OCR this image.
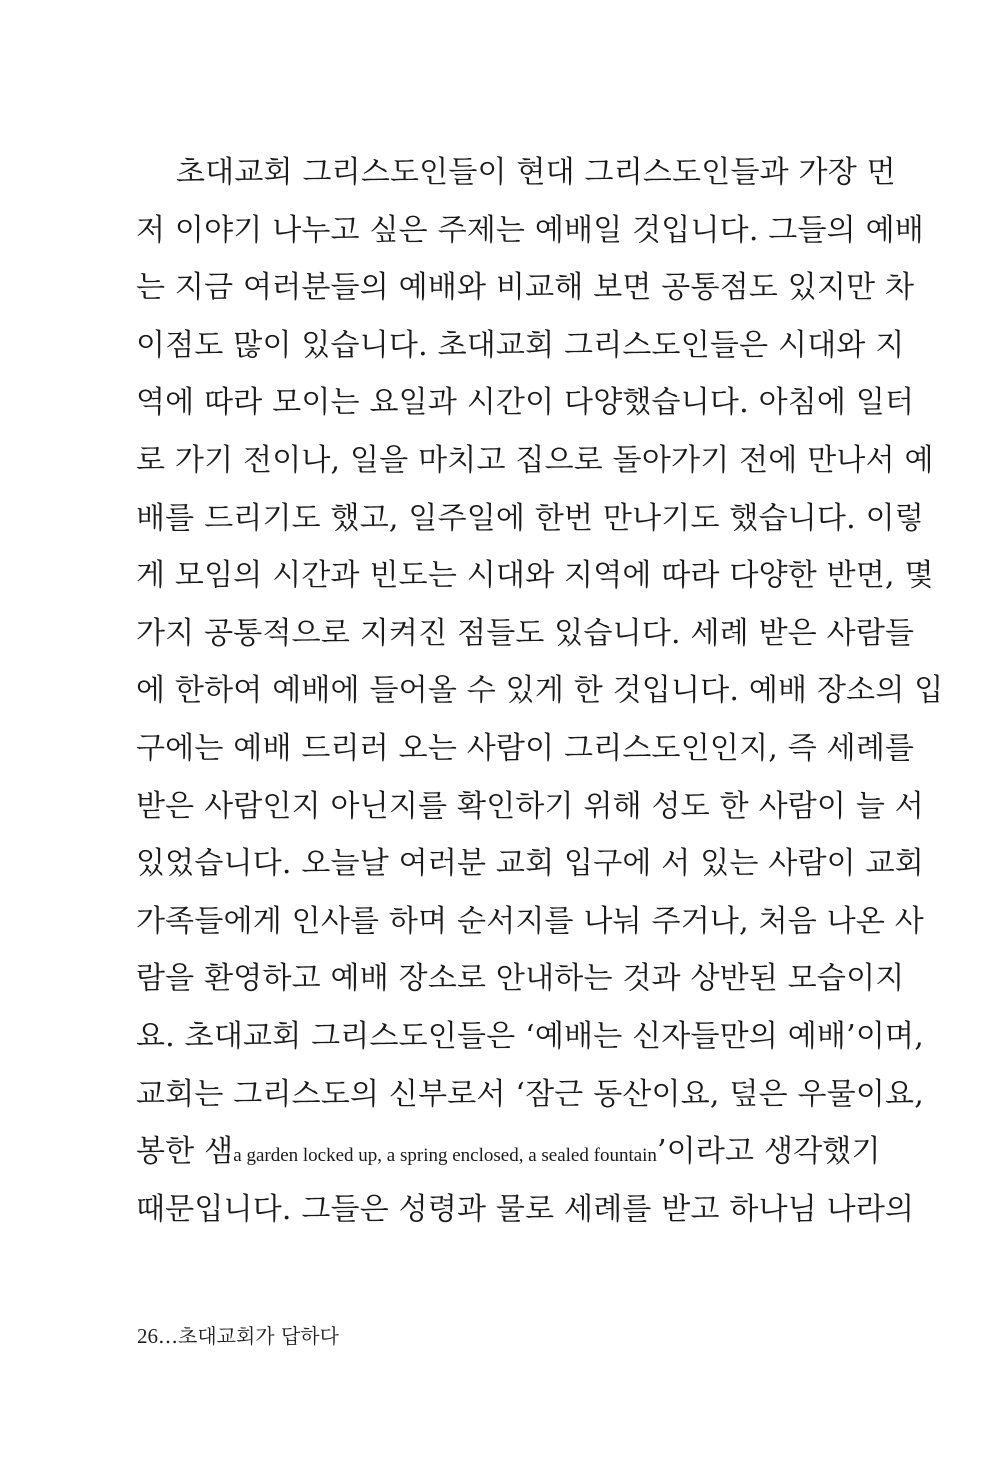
초대교회 그리스도인들이 현대 그리스도인들과 가장 먼
저 이야기 나누고 싶은 주제는 예배일 것입니다. 그들의 예배
는 지금 여러분들의 예배와 비교해 보면 공통점도 있지만 차
이점도 많이 있습니다. 초대교회 그리스도인들은 시대와 지
역에 따라 모이는 요일과 시간이 다양했습니다. 아침에 일터
로 가기 전이나, 일을 마치고 집으로 돌아가기 전에 만나서 예
배를 드리기도 했고, 일주일에 한번 만나기도 했습니다. 이렇
게 모임의 시간과 빈도는 시대와 지역에 따라 다양한 반면, 몇
가지 공통적으로 지켜진 점들도 있습니다. 세례 받은 사람들
에 한하여 예배에 들어올 수 있게 한 것입니다. 예배 장소의 입
구에는 예배 드리러 오는 사람이 그리스도인인지, 즉 세례를
받은 사람인지 아닌지를 확인하기 위해 성도 한 사람이 늘 서
있었습니다. 오늘날 여러분 교회 입구에 서 있는 사람이 교회
가족들에게 인사를 하며 순서지를 나눠 주거나, 처음 나온 사
람을 환영하고 예배 장소로 안내하는 것과 상반된 모습이지
요. 초대교회 그리스도인들은 ‘예배는 신자들만의 예배’이며,
교회는 그리스도의 신부로서 ‘잠근 동산이요, 덮은 우물이요,
봉한 샘a garden locked up, a spring enclosed, a sealed fountain’이라고 생각했기
때문입니다. 그들은 성령과 물로 세례를 받고 하나님 나라의
26…초대교회가 답하다
